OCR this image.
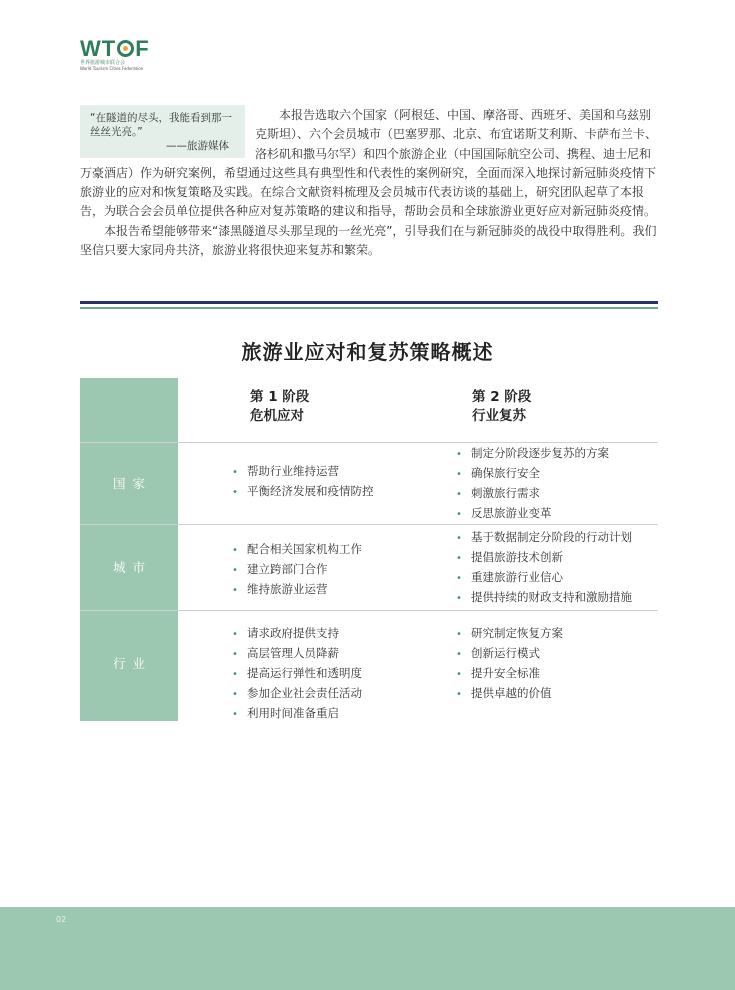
WT F
世界旅游城市联合会
World Tourism Cities Federation
“在隧道的尽头，我能看到那一丝丝光亮。”
——旅游媒体

本报告选取六个国家（阿根廷、中国、摩洛哥、西班牙、美国和乌兹别克斯坦）、六个会员城市（巴塞罗那、北京、布宜诺斯艾利斯、卡萨布兰卡、洛杉矶和撒马尔罕）和四个旅游企业（中国国际航空公司、携程、迪士尼和万豪酒店）作为研究案例，希望通过这些具有典型性和代表性的案例研究，全面而深入地探讨新冠肺炎疫情下旅游业的应对和恢复策略及实践。在综合文献资料梳理及会员城市代表访谈的基础上，研究团队起草了本报告，为联合会会员单位提供各种应对复苏策略的建议和指导，帮助会员和全球旅游业更好应对新冠肺炎疫情。

本报告希望能够带来“漆黑隧道尽头那呈现的一丝光亮”，引导我们在与新冠肺炎的战役中取得胜利。我们坚信只要大家同舟共济，旅游业将很快迎来复苏和繁荣。

旅游业应对和复苏策略概述
第 1 阶段
危机应对
第 2 阶段
行业复苏
国家
• 帮助行业维持运营
• 平衡经济发展和疫情防控
• 制定分阶段逐步复苏的方案
• 确保旅行安全
• 刺激旅行需求
• 反思旅游业变革
城市
• 配合相关国家机构工作
• 建立跨部门合作
• 维持旅游业运营
• 基于数据制定分阶段的行动计划
• 提倡旅游技术创新
• 重建旅游行业信心
• 提供持续的财政支持和激励措施
行业
• 请求政府提供支持
• 高层管理人员降薪
• 提高运行弹性和透明度
• 参加企业社会责任活动
• 利用时间准备重启
• 研究制定恢复方案
• 创新运行模式
• 提升安全标准
• 提供卓越的价值
02
